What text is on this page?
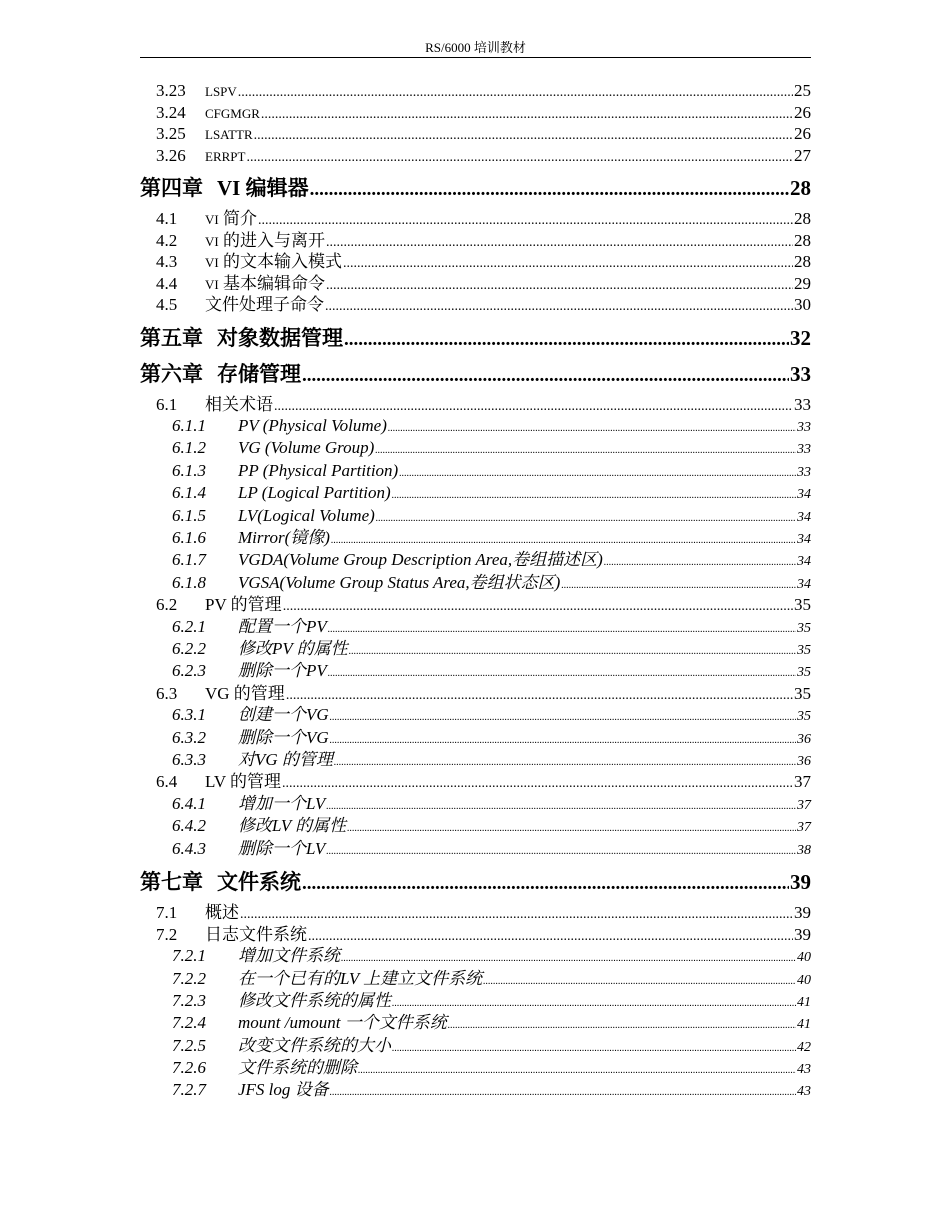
RS/6000 培训教材
3.23	LSPV .....	25
3.24	CFGMGR .....	26
3.25	LSATTR .....	26
3.26	ERRPT .....	27
第四章 VI 编辑器 .....	28
4.1	VI 简介 .....	28
4.2	VI 的进入与离开 .....	28
4.3	VI 的文本输入模式 .....	28
4.4	VI 基本编辑命令 .....	29
4.5	文件处理子命令 .....	30
第五章 对象数据管理 .....	32
第六章 存储管理 .....	33
6.1	相关术语 .....	33
6.1.1	PV (Physical Volume) .....	33
6.1.2	VG (Volume Group) .....	33
6.1.3	PP (Physical Partition) .....	33
6.1.4	LP (Logical Partition) .....	34
6.1.5	LV(Logical Volume) .....	34
6.1.6	Mirror(镜像) .....	34
6.1.7	VGDA(Volume Group Description Area,卷组描述区) .....	34
6.1.8	VGSA(Volume Group Status Area,卷组状态区) .....	34
6.2	PV 的管理 .....	35
6.2.1	配置一个PV .....	35
6.2.2	修改PV 的属性 .....	35
6.2.3	删除一个PV .....	35
6.3	VG 的管理 .....	35
6.3.1	创建一个VG .....	35
6.3.2	删除一个VG .....	36
6.3.3	对VG 的管理 .....	36
6.4	LV 的管理 .....	37
6.4.1	增加一个LV .....	37
6.4.2	修改LV 的属性 .....	37
6.4.3	删除一个LV .....	38
第七章 文件系统 .....	39
7.1	概述 .....	39
7.2	日志文件系统 .....	39
7.2.1	增加文件系统 .....	40
7.2.2	在一个已有的LV 上建立文件系统 .....	40
7.2.3	修改文件系统的属性 .....	41
7.2.4	mount /umount 一个文件系统 .....	41
7.2.5	改变文件系统的大小 .....	42
7.2.6	文件系统的删除 .....	43
7.2.7	JFS log 设备 .....	43
